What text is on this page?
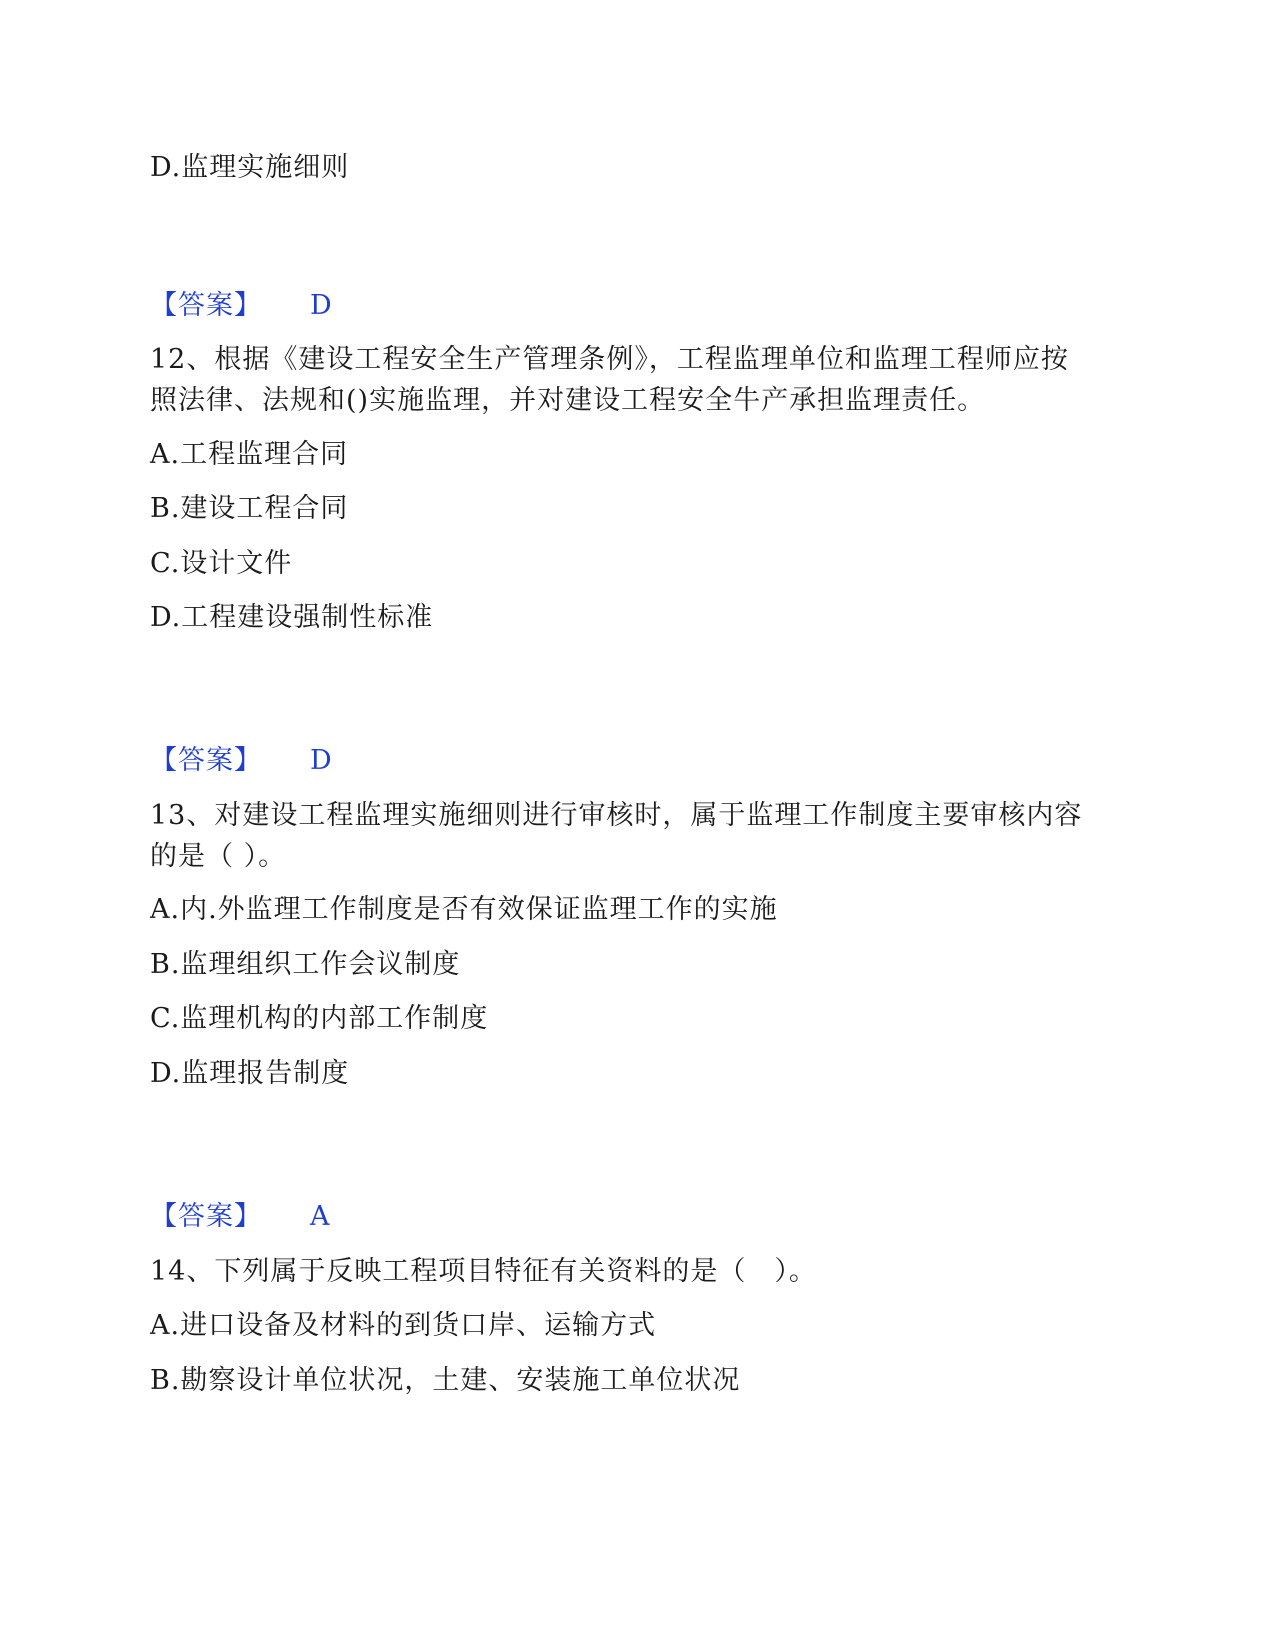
D.监理实施细则
【答案】 D
12、根据《建设工程安全生产管理条例》，工程监理单位和监理工程师应按
照法律、法规和()实施监理，并对建设工程安全牛产承担监理责任。
A.工程监理合同
B.建设工程合同
C.设计文件
D.工程建设强制性标准
【答案】 D
13、对建设工程监理实施细则进行审核时，属于监理工作制度主要审核内容
的是（ ）。
A.内.外监理工作制度是否有效保证监理工作的实施
B.监理组织工作会议制度
C.监理机构的内部工作制度
D.监理报告制度
【答案】 A
14、下列属于反映工程项目特征有关资料的是（　）。
A.进口设备及材料的到货口岸、运输方式
B.勘察设计单位状况，土建、安装施工单位状况
